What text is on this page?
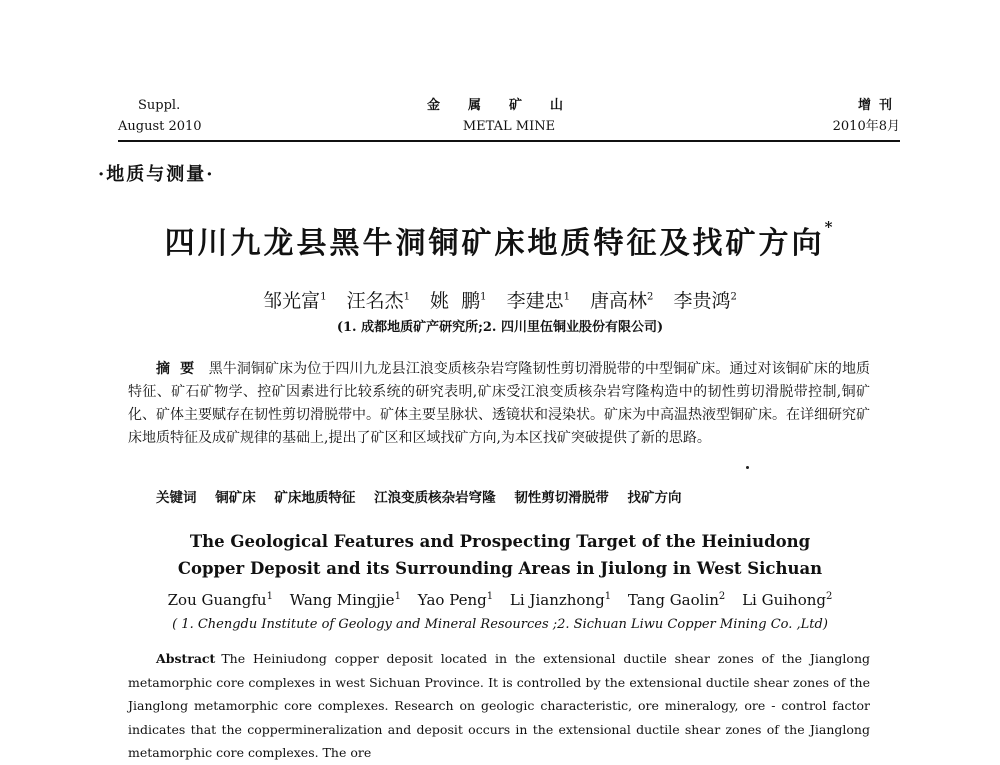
Suppl.
August 2010
金属矿山
METAL MINE
增刊
2010年8月
·地质与测量·
四川九龙县黑牛洞铜矿床地质特征及找矿方向*
邹光富$^1$ 汪名杰$^1$ 姚  鹏$^1$ 李建忠$^1$ 唐高林$^2$ 李贵鸿$^2$
(1. 成都地质矿产研究所;2. 四川里伍铜业股份有限公司)
摘要 黑牛洞铜矿床为位于四川九龙县江浪变质核杂岩穹隆韧性剪切滑脱带的中型铜矿床。通过对该铜矿床的地质特征、矿石矿物学、控矿因素进行比较系统的研究表明,矿床受江浪变质核杂岩穹隆构造中的韧性剪切滑脱带控制,铜矿化、矿体主要赋存在韧性剪切滑脱带中。矿体主要呈脉状、透镜状和浸染状。矿床为中高温热液型铜矿床。在详细研究矿床地质特征及成矿规律的基础上,提出了矿区和区域找矿方向,为本区找矿突破提供了新的思路。
关键词 铜矿床 矿床地质特征 江浪变质核杂岩穹隆 韧性剪切滑脱带 找矿方向
The Geological Features and Prospecting Target of the Heiniudong
Copper Deposit and its Surrounding Areas in Jiulong in West Sichuan
Zou Guangfu$^1$ Wang Mingjie$^1$ Yao Peng$^1$ Li Jianzhong$^1$ Tang Gaolin$^2$ Li Guihong$^2$
( 1. Chengdu Institute of Geology and Mineral Resources ;2. Sichuan Liwu Copper Mining Co. ,Ltd)
Abstract The Heiniudong copper deposit located in the extensional ductile shear zones of the Jianglong metamorphic core complexes in west Sichuan Province. It is controlled by the extensional ductile shear zones of the Jianglong metamorphic core complexes. Research on geologic characteristic, ore mineralogy, ore - control factor indicates that the coppermineralization and deposit occurs in the extensional ductile shear zones of the Jianglong metamorphic core complexes. The ore
